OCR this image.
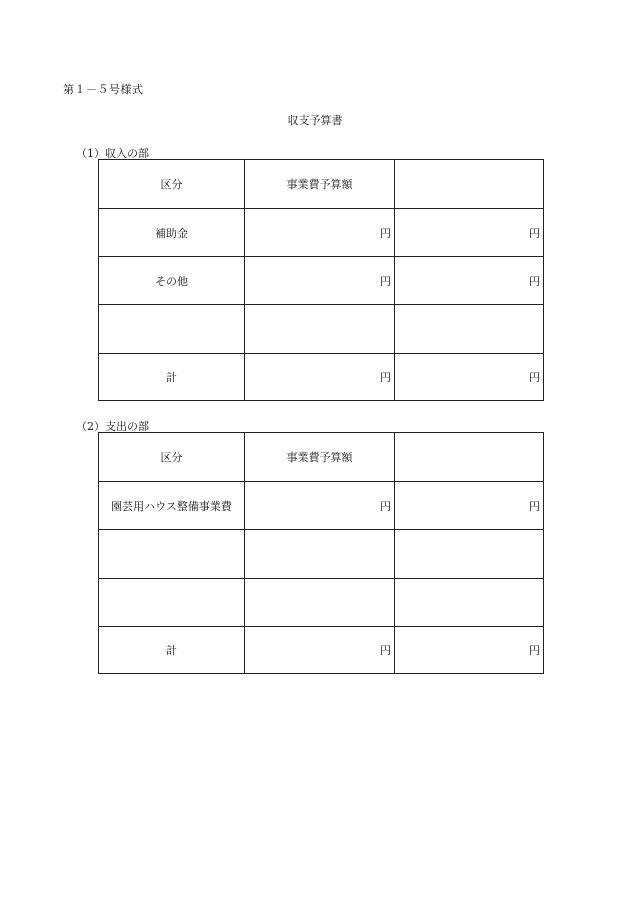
第１－５号様式
収支予算書
（1）収入の部
区分	事業費予算額	
補助金	円	円
その他	円	円

計	円	円
（2）支出の部
区分	事業費予算額	
園芸用ハウス整備事業費	円	円

計	円	円
